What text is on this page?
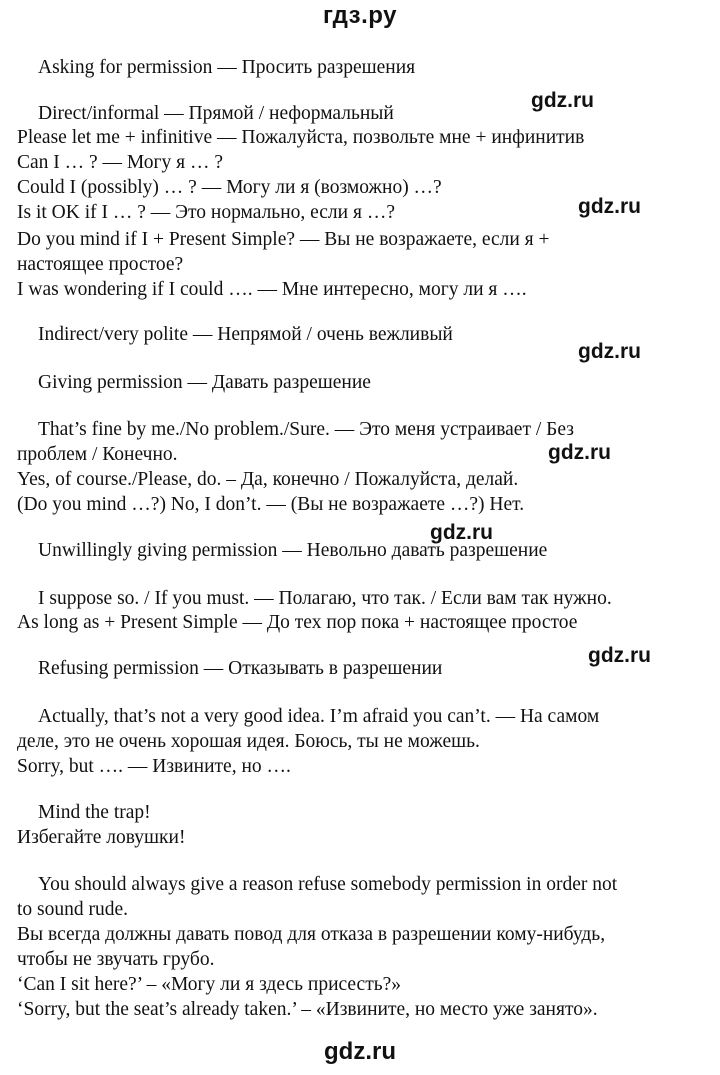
гдз.ру
Asking for permission — Просить разрешения
Direct/informal — Прямой / неформальный
Please let me + infinitive — Пожалуйста, позвольте мне + инфинитив
Can I … ? — Могу я … ?
Could I (possibly) … ? — Могу ли я (возможно) …?
Is it OK if I … ? — Это нормально, если я …?
Do you mind if I + Present Simple? — Вы не возражаете, если я +
настоящее простое?
I was wondering if I could …. — Мне интересно, могу ли я ….
Indirect/very polite — Непрямой / очень вежливый
Giving permission — Давать разрешение
That’s fine by me./No problem./Sure. — Это меня устраивает / Без
проблем / Конечно.
Yes, of course./Please, do. – Да, конечно / Пожалуйста, делай.
(Do you mind …?) No, I don’t. — (Вы не возражаете …?) Нет.
Unwillingly giving permission — Невольно давать разрешение
I suppose so. / If you must. — Полагаю, что так. / Если вам так нужно.
As long as + Present Simple — До тех пор пока + настоящее простое
Refusing permission — Отказывать в разрешении
Actually, that’s not a very good idea. I’m afraid you can’t. — На самом
деле, это не очень хорошая идея. Боюсь, ты не можешь.
Sorry, but …. — Извините, но ….
Mind the trap!
Избегайте ловушки!
You should always give a reason refuse somebody permission in order not
to sound rude.
Вы всегда должны давать повод для отказа в разрешении кому-нибудь,
чтобы не звучать грубо.
‘Can I sit here?’ – «Могу ли я здесь присесть?»
‘Sorry, but the seat’s already taken.’ – «Извините, но место уже занято».
gdz.ru
gdz.ru
gdz.ru
gdz.ru
gdz.ru
gdz.ru
gdz.ru
